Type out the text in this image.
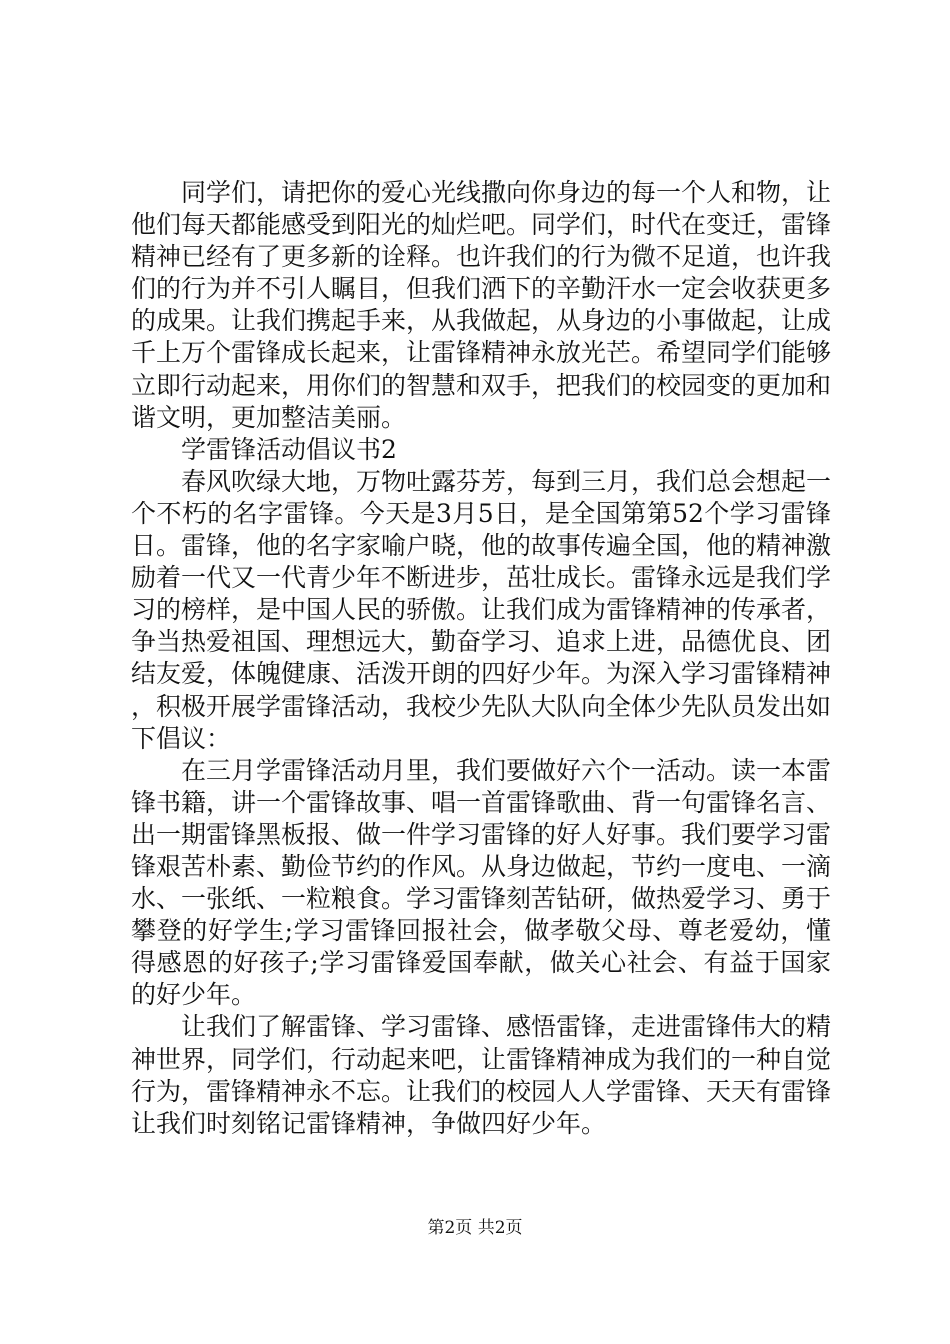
同学们，请把你的爱心光线撒向你身边的每一个人和物，让他们每天都能感受到阳光的灿烂吧。同学们，时代在变迁，雷锋精神已经有了更多新的诠释。也许我们的行为微不足道，也许我们的行为并不引人瞩目，但我们洒下的辛勤汗水一定会收获更多的成果。让我们携起手来，从我做起，从身边的小事做起，让成千上万个雷锋成长起来，让雷锋精神永放光芒。希望同学们能够立即行动起来，用你们的智慧和双手，把我们的校园变的更加和谐文明，更加整洁美丽。

学雷锋活动倡议书2

春风吹绿大地，万物吐露芬芳，每到三月，我们总会想起一个不朽的名字雷锋。今天是3月5日，是全国第第52个学习雷锋日。雷锋，他的名字家喻户晓，他的故事传遍全国，他的精神激励着一代又一代青少年不断进步，茁壮成长。雷锋永远是我们学习的榜样，是中国人民的骄傲。让我们成为雷锋精神的传承者，争当热爱祖国、理想远大，勤奋学习、追求上进，品德优良、团结友爱，体魄健康、活泼开朗的四好少年。为深入学习雷锋精神，积极开展学雷锋活动，我校少先队大队向全体少先队员发出如下倡议：

在三月学雷锋活动月里，我们要做好六个一活动。读一本雷锋书籍，讲一个雷锋故事、唱一首雷锋歌曲、背一句雷锋名言、出一期雷锋黑板报、做一件学习雷锋的好人好事。我们要学习雷锋艰苦朴素、勤俭节约的作风。从身边做起，节约一度电、一滴水、一张纸、一粒粮食。学习雷锋刻苦钻研，做热爱学习、勇于攀登的好学生;学习雷锋回报社会，做孝敬父母、尊老爱幼，懂得感恩的好孩子;学习雷锋爱国奉献，做关心社会、有益于国家的好少年。

让我们了解雷锋、学习雷锋、感悟雷锋，走进雷锋伟大的精神世界，同学们，行动起来吧，让雷锋精神成为我们的一种自觉行为，雷锋精神永不忘。让我们的校园人人学雷锋、天天有雷锋让我们时刻铭记雷锋精神，争做四好少年。

第2页 共2页
